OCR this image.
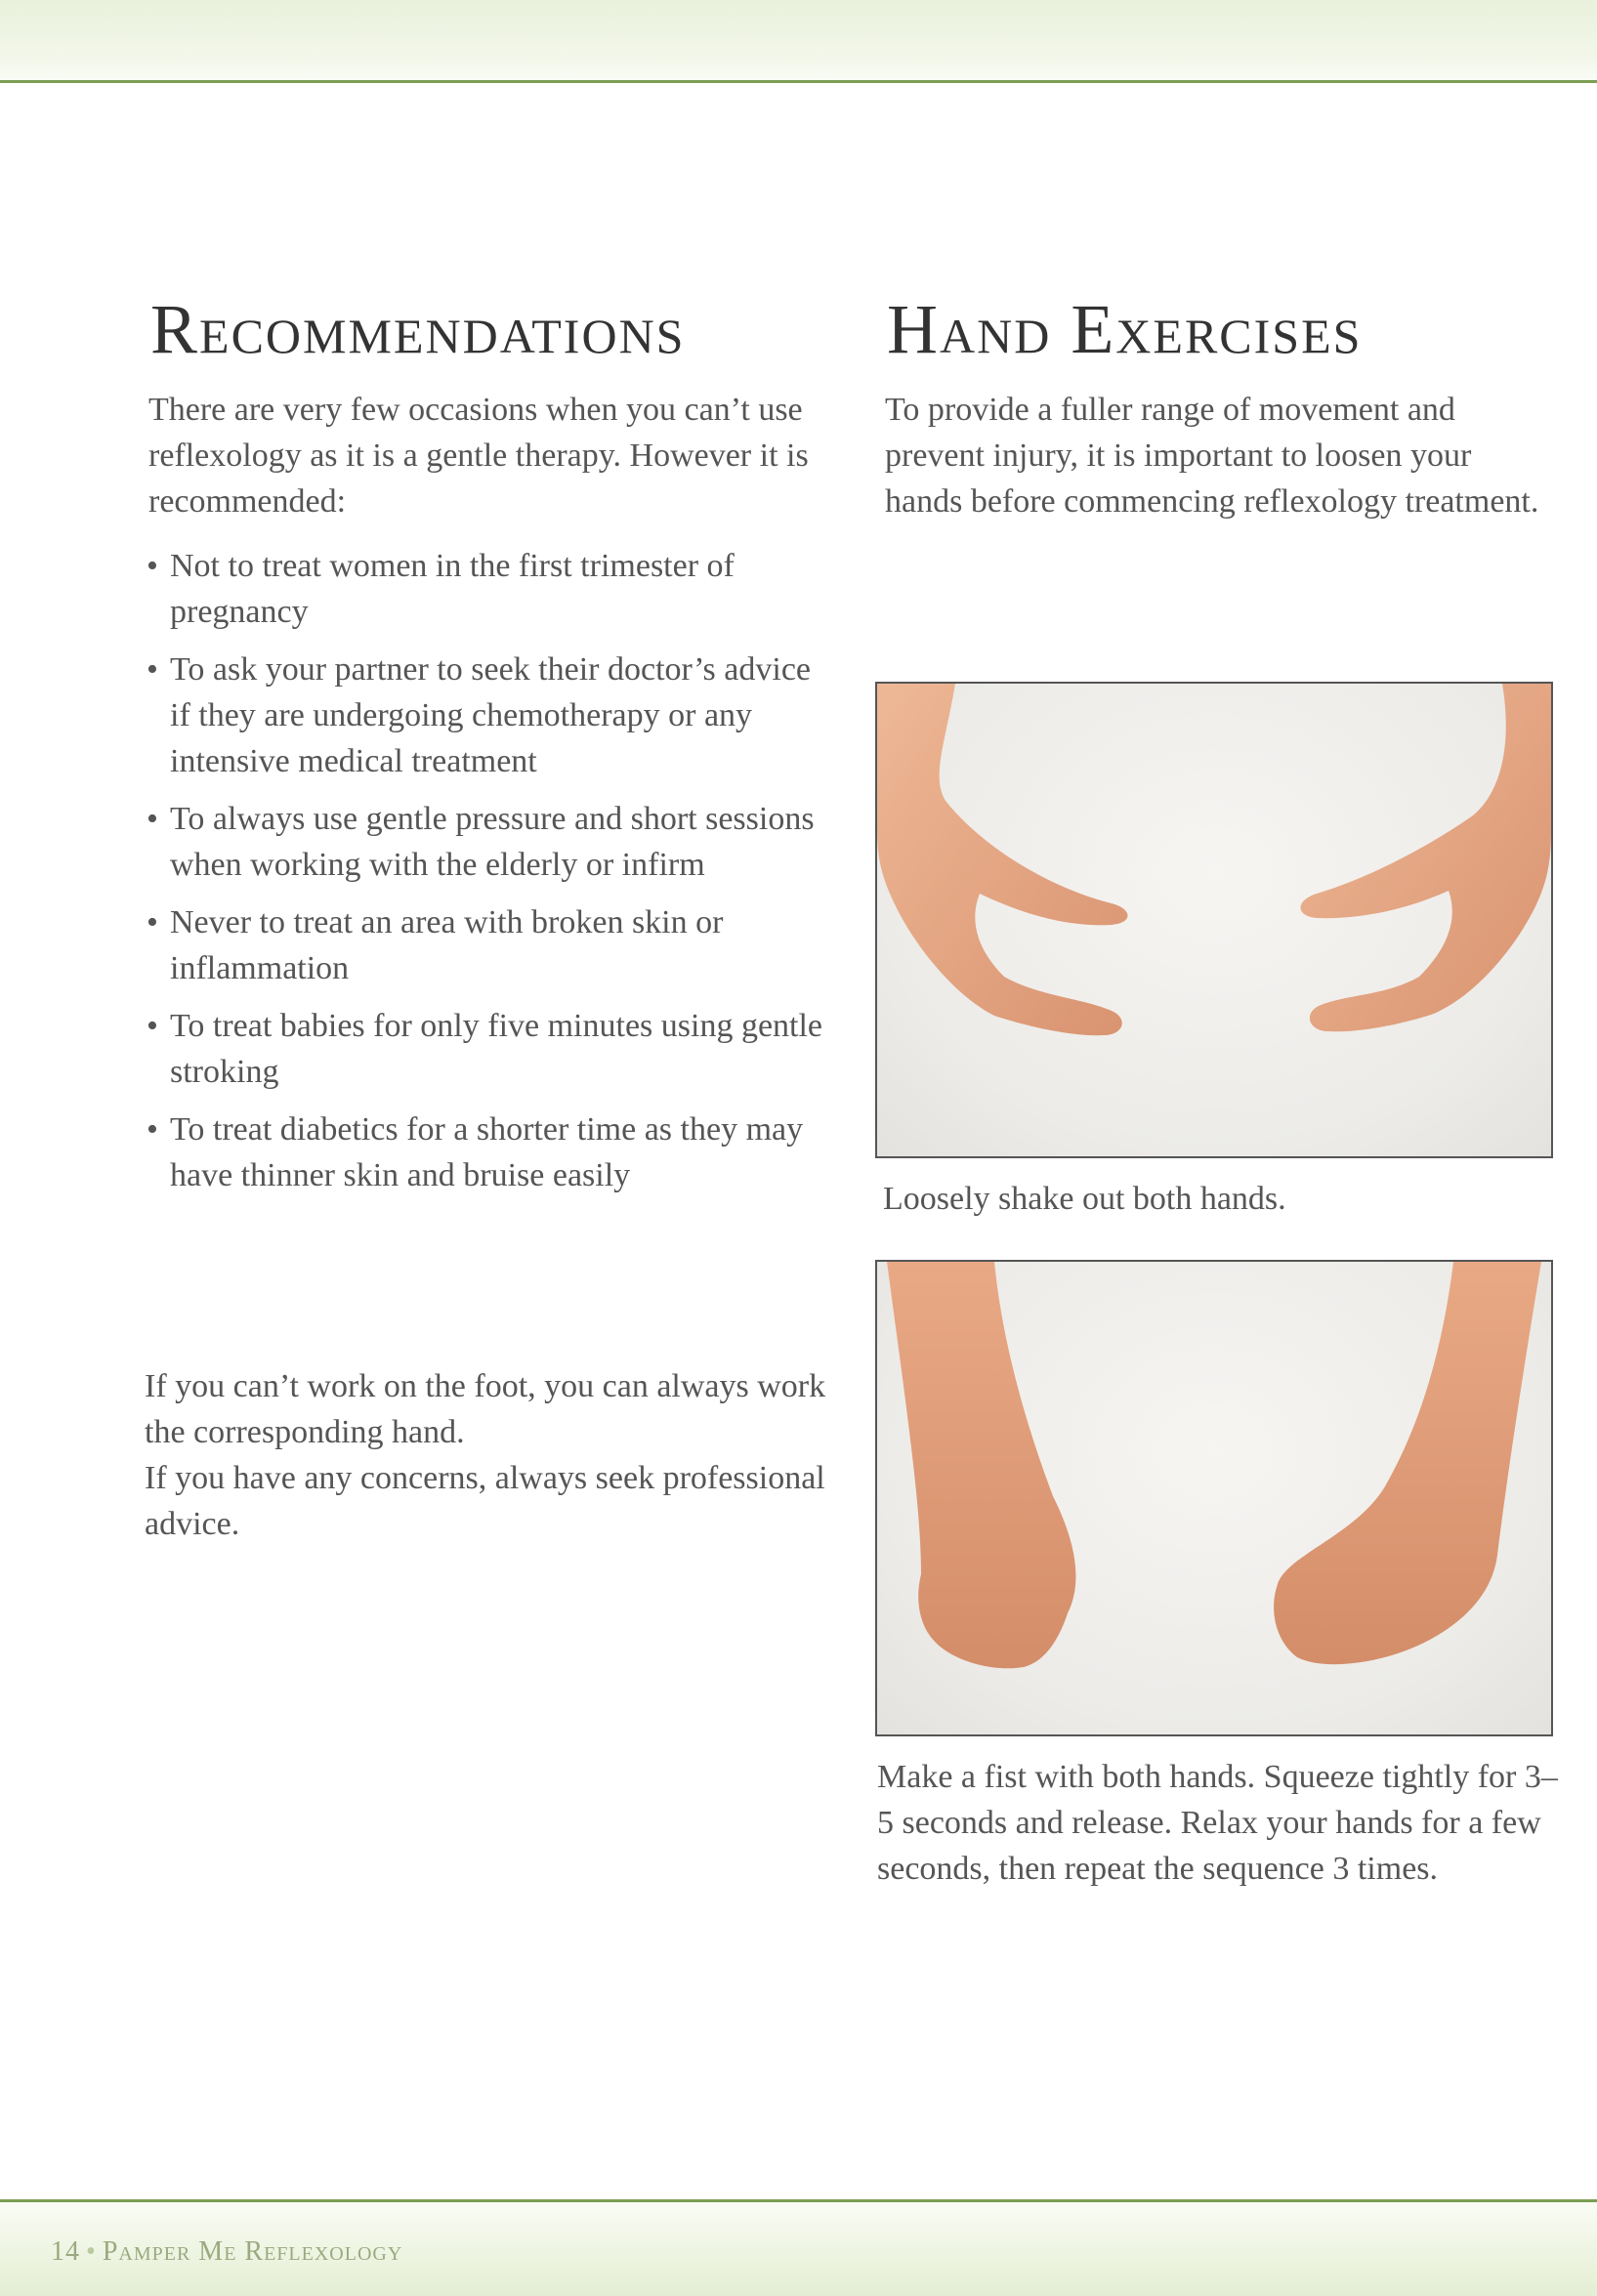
Recommendations

There are very few occasions when you can’t use reflexology as it is a gentle therapy. However it is recommended:

• Not to treat women in the first trimester of pregnancy
• To ask your partner to seek their doctor’s advice if they are undergoing chemotherapy or any intensive medical treatment
• To always use gentle pressure and short sessions when working with the elderly or infirm
• Never to treat an area with broken skin or inflammation
• To treat babies for only five minutes using gentle stroking
• To treat diabetics for a shorter time as they may have thinner skin and bruise easily
If you can’t work on the foot, you can always work the corresponding hand.
If you have any concerns, always seek professional advice.
Hand Exercises

To provide a fuller range of movement and prevent injury, it is important to loosen your hands before commencing reflexology treatment.

Loosely shake out both hands.

Make a fist with both hands. Squeeze tightly for 3–5 seconds and release. Relax your hands for a few seconds, then repeat the sequence 3 times.
14 • Pamper Me Reflexology
